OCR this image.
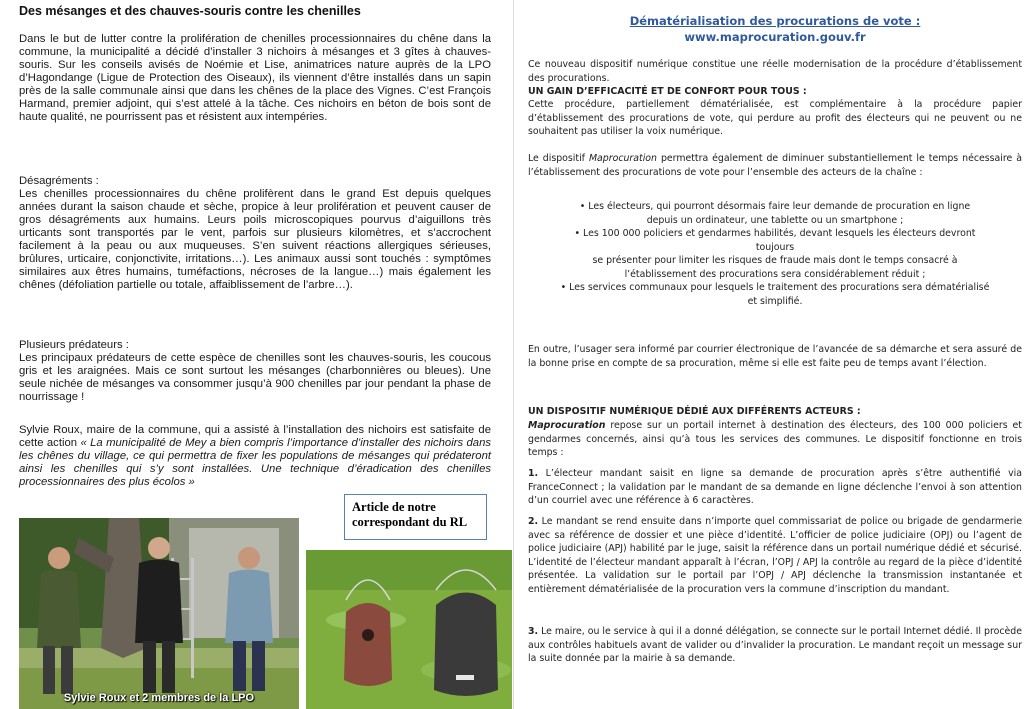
Des mésanges et des chauves-souris contre les chenilles
Dans le but de lutter contre la prolifération de chenilles processionnaires du chêne dans la commune, la municipalité a décidé d’installer 3 nichoirs à mésanges et 3 gîtes à chauves-souris. Sur les conseils avisés de Noémie et Lise, animatrices nature auprès de la LPO d’Hagondange (Ligue de Protection des Oiseaux), ils viennent d’être installés dans un sapin près de la salle communale ainsi que dans les chênes de la place des Vignes. C’est François Harmand, premier adjoint, qui s’est attelé à la tâche. Ces nichoirs en béton de bois sont de haute qualité, ne pourrissent pas et résistent aux intempéries.
Désagréments :
Les chenilles processionnaires du chêne prolifèrent dans le grand Est depuis quelques années durant la saison chaude et sèche, propice à leur prolifération et peuvent causer de gros désagréments aux humains. Leurs poils microscopiques pourvus d’aiguillons très urticants sont transportés par le vent, parfois sur plusieurs kilomètres, et s’accrochent facilement à la peau ou aux muqueuses. S’en suivent réactions allergiques sérieuses, brûlures, urticaire, conjonctivite, irritations…). Les animaux aussi sont touchés : symptômes similaires aux êtres humains, tuméfactions, nécroses de la langue…) mais également les chênes (défoliation partielle ou totale, affaiblissement de l’arbre…).
Plusieurs prédateurs :
Les principaux prédateurs de cette espèce de chenilles sont les chauves-souris, les coucous gris et les araignées. Mais ce sont surtout les mésanges (charbonnières ou bleues). Une seule nichée de mésanges va consommer jusqu’à 900 chenilles par jour pendant la phase de nourrissage !
Sylvie Roux, maire de la commune, qui a assisté à l’installation des nichoirs est satisfaite de cette action « La municipalité de Mey a bien compris l’importance d’installer des nichoirs dans les chênes du village, ce qui permettra de fixer les populations de mésanges qui prédateront ainsi les chenilles qui s’y sont installées. Une technique d’éradication des chenilles processionnaires des plus écolos »
Article de notre
correspondant du RL
Sylvie Roux et 2 membres de la LPO
Dématérialisation des procurations de vote :
www.maprocuration.gouv.fr
Ce nouveau dispositif numérique constitue une réelle modernisation de la procédure d’établissement des procurations.
UN GAIN D’EFFICACITÉ ET DE CONFORT POUR TOUS :
Cette procédure, partiellement dématérialisée, est complémentaire à la procédure papier d’établissement des procurations de vote, qui perdure au profit des électeurs qui ne peuvent ou ne souhaitent pas utiliser la voix numérique.
Le dispositif Maprocuration permettra également de diminuer substantiellement le temps nécessaire à l’établissement des procurations de vote pour l’ensemble des acteurs de la chaîne :
• Les électeurs, qui pourront désormais faire leur demande de procuration en ligne
depuis un ordinateur, une tablette ou un smartphone ;
• Les 100 000 policiers et gendarmes habilités, devant lesquels les électeurs devront
toujours
se présenter pour limiter les risques de fraude mais dont le temps consacré à
l’établissement des procurations sera considérablement réduit ;
• Les services communaux pour lesquels le traitement des procurations sera dématérialisé
et simplifié.
En outre, l’usager sera informé par courrier électronique de l’avancée de sa démarche et sera assuré de la bonne prise en compte de sa procuration, même si elle est faite peu de temps avant l’élection.
UN DISPOSITIF NUMÉRIQUE DÉDIÉ AUX DIFFÉRENTS ACTEURS :
Maprocuration repose sur un portail internet à destination des électeurs, des 100 000 policiers et gendarmes concernés, ainsi qu’à tous les services des communes. Le dispositif fonctionne en trois temps :
1. L’électeur mandant saisit en ligne sa demande de procuration après s’être authentifié via FranceConnect ; la validation par le mandant de sa demande en ligne déclenche l’envoi à son attention d’un courriel avec une référence à 6 caractères.
2. Le mandant se rend ensuite dans n’importe quel commissariat de police ou brigade de gendarmerie avec sa référence de dossier et une pièce d’identité. L’officier de police judiciaire (OPJ) ou l’agent de police judiciaire (APJ) habilité par le juge, saisit la référence dans un portail numérique dédié et sécurisé. L’identité de l’électeur mandant apparaît à l’écran, l’OPJ / APJ la contrôle au regard de la pièce d’identité présentée. La validation sur le portail par l’OPJ / APJ déclenche la transmission instantanée et entièrement dématérialisée de la procuration vers la commune d’inscription du mandant.
3. Le maire, ou le service à qui il a donné délégation, se connecte sur le portail Internet dédié. Il procède aux contrôles habituels avant de valider ou d’invalider la procuration. Le mandant reçoit un message sur la suite donnée par la mairie à sa demande.
